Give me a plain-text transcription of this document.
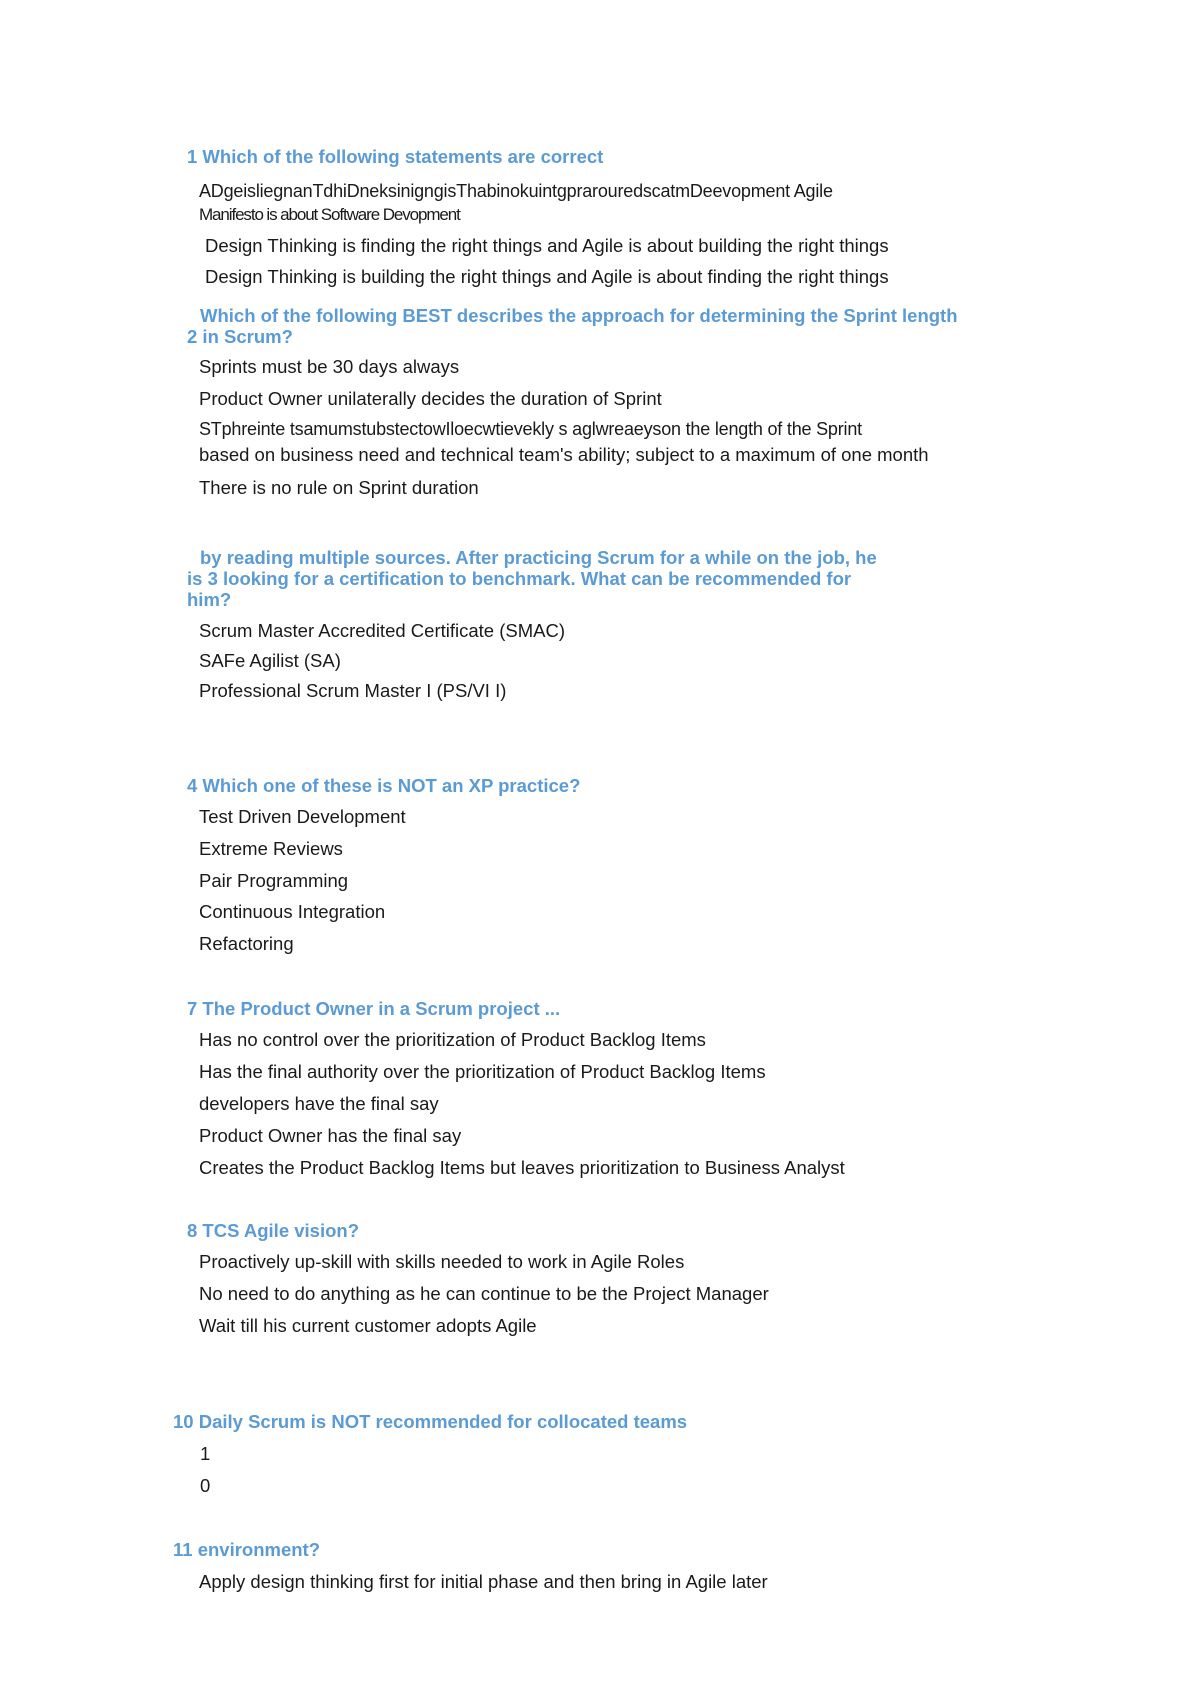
1 Which of the following statements are correct
ADgeisliegnanTdhiDneksinigngisThabinokuintgprarouredscatmDeevopment Agile
Manifesto is about Software Devopment
Design Thinking is finding the right things and Agile is about building the right things
Design Thinking is building the right things and Agile is about finding the right things
Which of the following BEST describes the approach for determining the Sprint length
2 in Scrum?
Sprints must be 30 days always
Product Owner unilaterally decides the duration of Sprint
STphreinte tsamumstubstectowIloecwtievekly s aglwreaeyson the length of the Sprint
based on business need and technical team's ability; subject to a maximum of one month
There is no rule on Sprint duration
by reading multiple sources. After practicing Scrum for a while on the job, he
is 3 looking for a certification to benchmark. What can be recommended for
him?
Scrum Master Accredited Certificate (SMAC)
SAFe Agilist (SA)
Professional Scrum Master I (PS/VI I)
4 Which one of these is NOT an XP practice?
Test Driven Development
Extreme Reviews
Pair Programming
Continuous Integration
Refactoring
7 The Product Owner in a Scrum project ...
Has no control over the prioritization of Product Backlog Items
Has the final authority over the prioritization of Product Backlog Items
developers have the final say
Product Owner has the final say
Creates the Product Backlog Items but leaves prioritization to Business Analyst
8 TCS Agile vision?
Proactively up-skill with skills needed to work in Agile Roles
No need to do anything as he can continue to be the Project Manager
Wait till his current customer adopts Agile
10 Daily Scrum is NOT recommended for collocated teams
1
0
11 environment?
Apply design thinking first for initial phase and then bring in Agile later
